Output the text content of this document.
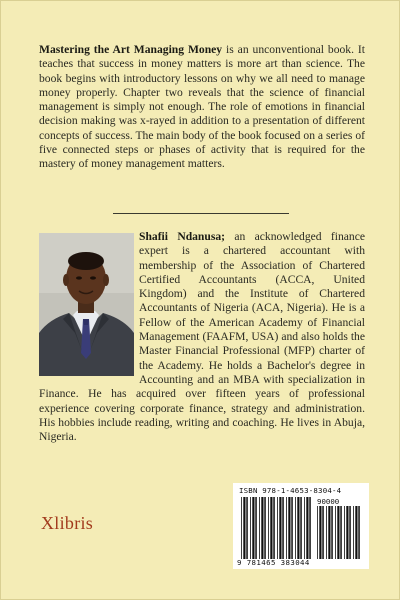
Mastering the Art Managing Money is an unconventional book. It teaches that success in money matters is more art than science. The book begins with introductory lessons on why we all need to manage money properly. Chapter two reveals that the science of financial management is simply not enough. The role of emotions in financial decision making was x-rayed in addition to a presentation of different concepts of success. The main body of the book focused on a series of five connected steps or phases of activity that is required for the mastery of money management matters.

Shafii Ndanusa; an acknowledged finance expert is a chartered accountant with membership of the Association of Chartered Certified Accountants (ACCA, United Kingdom) and the Institute of Chartered Accountants of Nigeria (ACA, Nigeria). He is a Fellow of the American Academy of Financial Management (FAAFM, USA) and also holds the Master Financial Professional (MFP) charter of the Academy. He holds a Bachelor's degree in Accounting and an MBA with specialization in Finance. He has acquired over fifteen years of professional experience covering corporate finance, strategy and administration. His hobbies include reading, writing and coaching. He lives in Abuja, Nigeria.

ISBN 978-1-4653-8304-4
90000
9 781465 383044
Xlibris
